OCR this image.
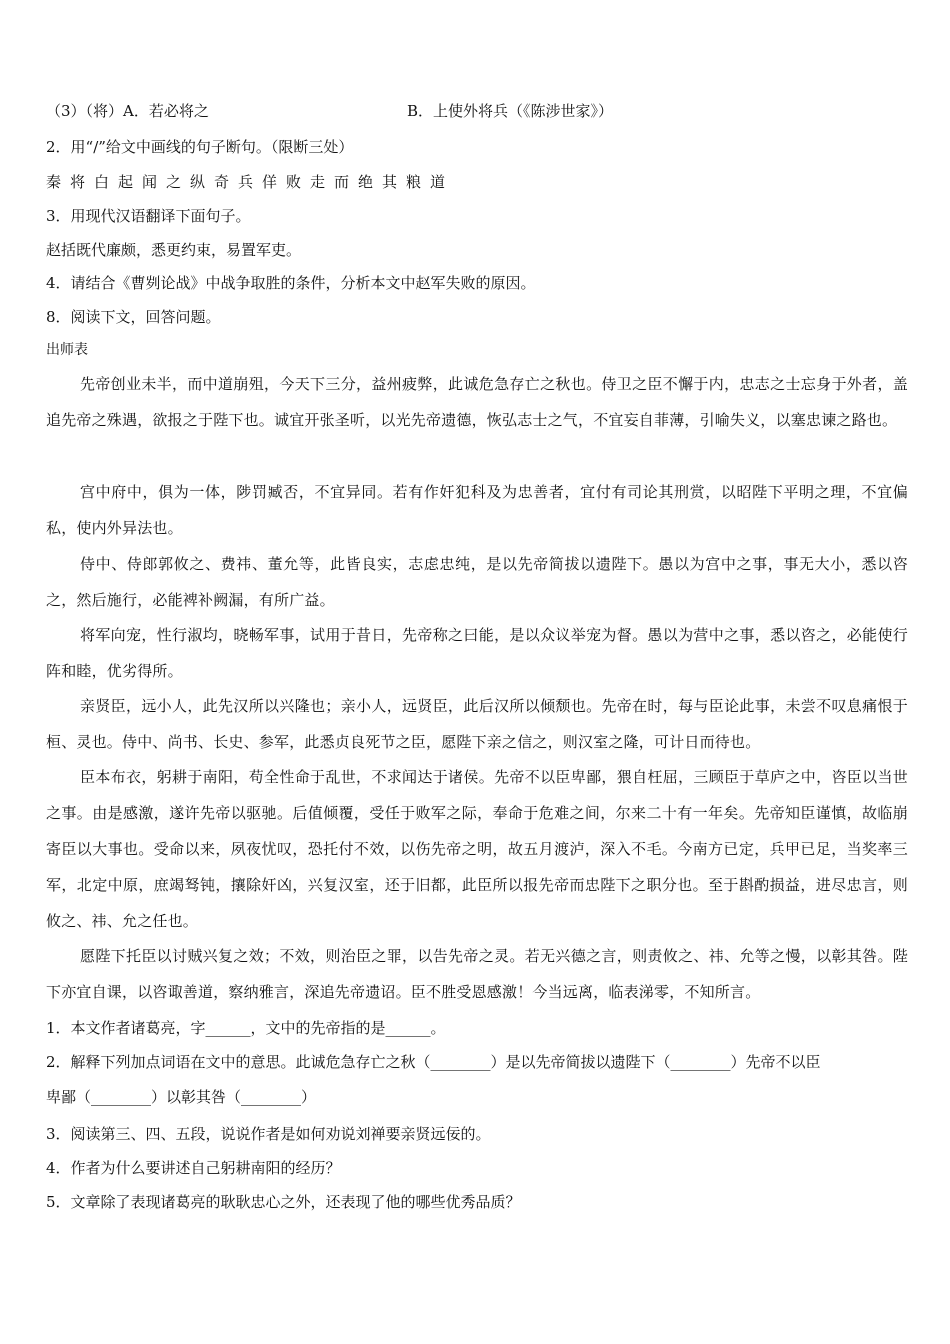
（3）（将）A．若必将之	B．上使外将兵（《陈涉世家》）
2．用“/”给文中画线的句子断句。（限断三处）
秦将白起闻之纵奇兵佯败走而绝其粮道
3．用现代汉语翻译下面句子。
赵括既代廉颇，悉更约束，易置军吏。
4．请结合《曹刿论战》中战争取胜的条件，分析本文中赵军失败的原因。
8．阅读下文，回答问题。
出师表
先帝创业未半，而中道崩殂，今天下三分，益州疲弊，此诚危急存亡之秋也。侍卫之臣不懈于内，忠志之士忘身于外者，盖追先帝之殊遇，欲报之于陛下也。诚宜开张圣听，以光先帝遗德，恢弘志士之气，不宜妄自菲薄，引喻失义，以塞忠谏之路也。
宫中府中，俱为一体，陟罚臧否，不宜异同。若有作奸犯科及为忠善者，宜付有司论其刑赏，以昭陛下平明之理，不宜偏私，使内外异法也。
侍中、侍郎郭攸之、费祎、董允等，此皆良实，志虑忠纯，是以先帝简拔以遗陛下。愚以为宫中之事，事无大小，悉以咨之，然后施行，必能裨补阙漏，有所广益。
将军向宠，性行淑均，晓畅军事，试用于昔日，先帝称之曰能，是以众议举宠为督。愚以为营中之事，悉以咨之，必能使行阵和睦，优劣得所。
亲贤臣，远小人，此先汉所以兴隆也；亲小人，远贤臣，此后汉所以倾颓也。先帝在时，每与臣论此事，未尝不叹息痛恨于桓、灵也。侍中、尚书、长史、参军，此悉贞良死节之臣，愿陛下亲之信之，则汉室之隆，可计日而待也。
臣本布衣，躬耕于南阳，苟全性命于乱世，不求闻达于诸侯。先帝不以臣卑鄙，猥自枉屈，三顾臣于草庐之中，咨臣以当世之事。由是感激，遂许先帝以驱驰。后值倾覆，受任于败军之际，奉命于危难之间，尔来二十有一年矣。先帝知臣谨慎，故临崩寄臣以大事也。受命以来，夙夜忧叹，恐托付不效，以伤先帝之明，故五月渡泸，深入不毛。今南方已定，兵甲已足，当奖率三军，北定中原，庶竭驽钝，攘除奸凶，兴复汉室，还于旧都，此臣所以报先帝而忠陛下之职分也。至于斟酌损益，进尽忠言，则攸之、祎、允之任也。
愿陛下托臣以讨贼兴复之效；不效，则治臣之罪，以告先帝之灵。若无兴德之言，则责攸之、祎、允等之慢，以彰其咎。陛下亦宜自课，以咨诹善道，察纳雅言，深追先帝遗诏。臣不胜受恩感激！今当远离，临表涕零，不知所言。
1．本文作者诸葛亮，字______，文中的先帝指的是______。
2．解释下列加点词语在文中的意思。此诚危急存亡之秋（________）是以先帝简拔以遗陛下（________）先帝不以臣
卑鄙（________）以彰其咎（________）
3．阅读第三、四、五段，说说作者是如何劝说刘禅要亲贤远佞的。
4．作者为什么要讲述自己躬耕南阳的经历？
5．文章除了表现诸葛亮的耿耿忠心之外，还表现了他的哪些优秀品质？
